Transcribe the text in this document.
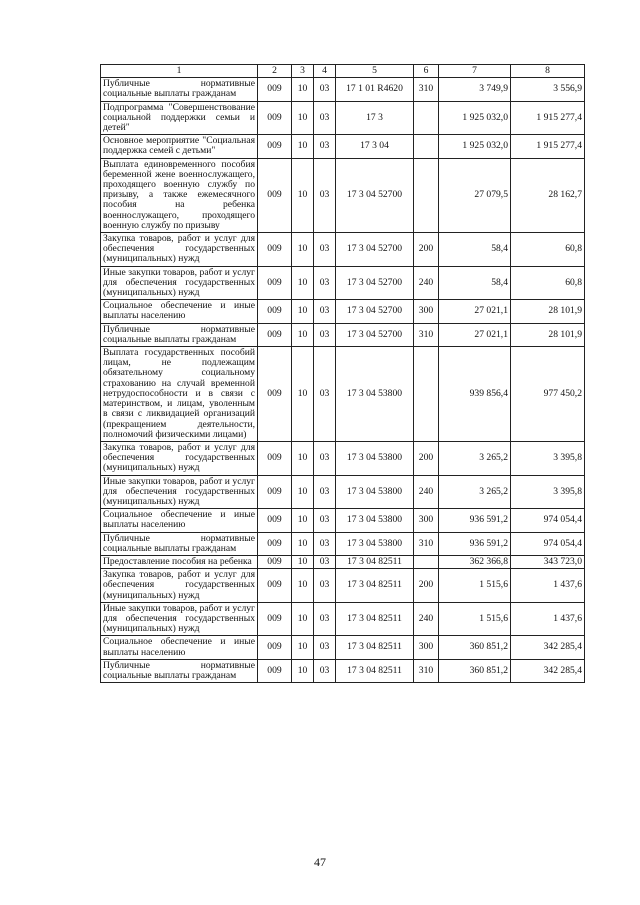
1	2	3	4	5	6	7	8
Публичные нормативные социальные выплаты гражданам	009	10	03	17 1 01 R4620	310	3 749,9	3 556,9
Подпрограмма "Совершенствование социальной поддержки семьи и детей"	009	10	03	17 3		1 925 032,0	1 915 277,4
Основное мероприятие "Социальная поддержка семей с детьми"	009	10	03	17 3 04		1 925 032,0	1 915 277,4
Выплата единовременного пособия беременной жене военнослужащего, проходящего военную службу по призыву, а также ежемесячного пособия на ребенка военнослужащего, проходящего военную службу по призыву	009	10	03	17 3 04 52700		27 079,5	28 162,7
Закупка товаров, работ и услуг для обеспечения государственных (муниципальных) нужд	009	10	03	17 3 04 52700	200	58,4	60,8
Иные закупки товаров, работ и услуг для обеспечения государственных (муниципальных) нужд	009	10	03	17 3 04 52700	240	58,4	60,8
Социальное обеспечение и иные выплаты населению	009	10	03	17 3 04 52700	300	27 021,1	28 101,9
Публичные нормативные социальные выплаты гражданам	009	10	03	17 3 04 52700	310	27 021,1	28 101,9
Выплата государственных пособий лицам, не подлежащим обязательному социальному страхованию на случай временной нетрудоспособности и в связи с материнством, и лицам, уволенным в связи с ликвидацией организаций (прекращением деятельности, полномочий физическими лицами)	009	10	03	17 3 04 53800		939 856,4	977 450,2
Закупка товаров, работ и услуг для обеспечения государственных (муниципальных) нужд	009	10	03	17 3 04 53800	200	3 265,2	3 395,8
Иные закупки товаров, работ и услуг для обеспечения государственных (муниципальных) нужд	009	10	03	17 3 04 53800	240	3 265,2	3 395,8
Социальное обеспечение и иные выплаты населению	009	10	03	17 3 04 53800	300	936 591,2	974 054,4
Публичные нормативные социальные выплаты гражданам	009	10	03	17 3 04 53800	310	936 591,2	974 054,4
Предоставление пособия на ребенка	009	10	03	17 3 04 82511		362 366,8	343 723,0
Закупка товаров, работ и услуг для обеспечения государственных (муниципальных) нужд	009	10	03	17 3 04 82511	200	1 515,6	1 437,6
Иные закупки товаров, работ и услуг для обеспечения государственных (муниципальных) нужд	009	10	03	17 3 04 82511	240	1 515,6	1 437,6
Социальное обеспечение и иные выплаты населению	009	10	03	17 3 04 82511	300	360 851,2	342 285,4
Публичные нормативные социальные выплаты гражданам	009	10	03	17 3 04 82511	310	360 851,2	342 285,4
47
